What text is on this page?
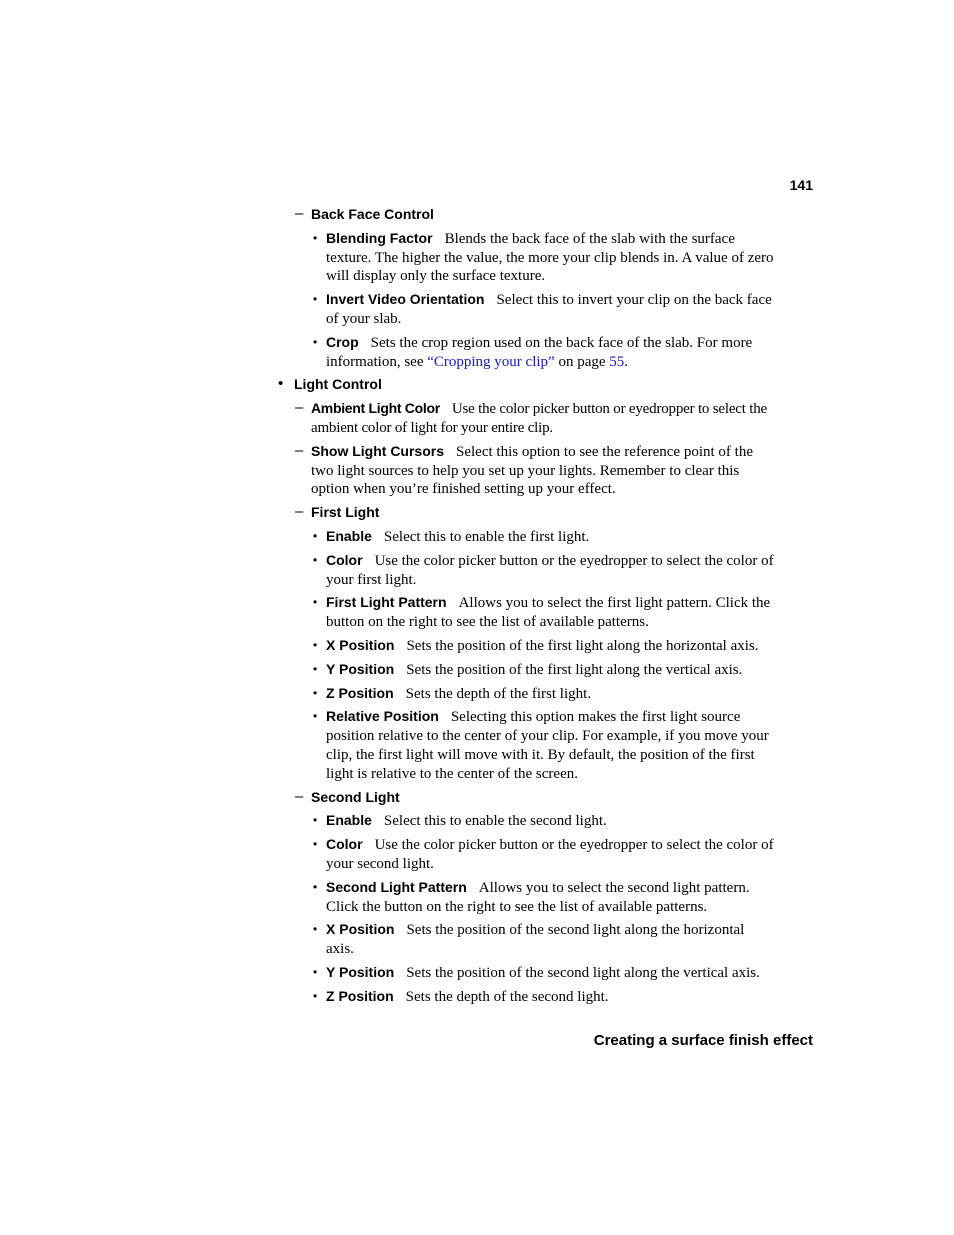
141
– Back Face Control
• Blending Factor Blends the back face of the slab with the surface texture. The higher the value, the more your clip blends in. A value of zero will display only the surface texture.
• Invert Video Orientation Select this to invert your clip on the back face of your slab.
• Crop Sets the crop region used on the back face of the slab. For more information, see “Cropping your clip” on page 55.
• Light Control
– Ambient Light Color Use the color picker button or eyedropper to select the ambient color of light for your entire clip.
– Show Light Cursors Select this option to see the reference point of the two light sources to help you set up your lights. Remember to clear this option when you’re finished setting up your effect.
– First Light
• Enable Select this to enable the first light.
• Color Use the color picker button or the eyedropper to select the color of your first light.
• First Light Pattern Allows you to select the first light pattern. Click the button on the right to see the list of available patterns.
• X Position Sets the position of the first light along the horizontal axis.
• Y Position Sets the position of the first light along the vertical axis.
• Z Position Sets the depth of the first light.
• Relative Position Selecting this option makes the first light source position relative to the center of your clip. For example, if you move your clip, the first light will move with it. By default, the position of the first light is relative to the center of the screen.
– Second Light
• Enable Select this to enable the second light.
• Color Use the color picker button or the eyedropper to select the color of your second light.
• Second Light Pattern Allows you to select the second light pattern. Click the button on the right to see the list of available patterns.
• X Position Sets the position of the second light along the horizontal axis.
• Y Position Sets the position of the second light along the vertical axis.
• Z Position Sets the depth of the second light.
Creating a surface finish effect
